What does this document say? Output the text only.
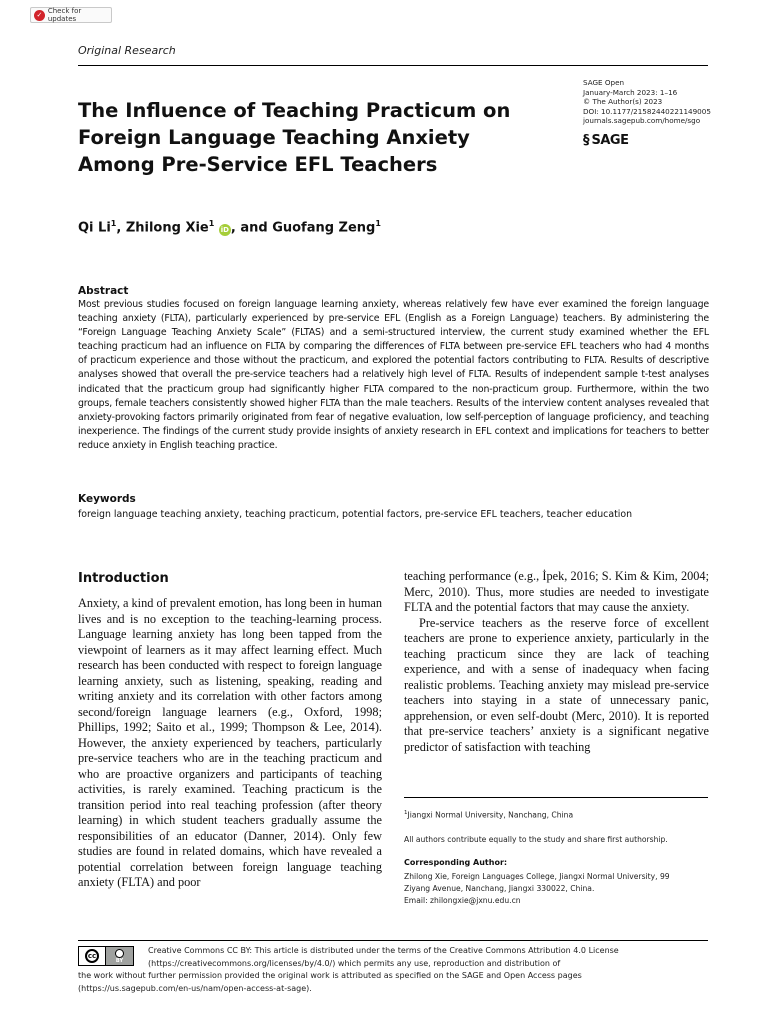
✓ Check for updates
Original Research
The Influence of Teaching Practicum on Foreign Language Teaching Anxiety Among Pre-Service EFL Teachers
SAGE Open
January-March 2023: 1–16
© The Author(s) 2023
DOI: 10.1177/21582440221149005
journals.sagepub.com/home/sgo
§ SAGE
Qi Li$^1$, Zhilong Xie$^1$ iD , and Guofang Zeng$^1$
Abstract

Most previous studies focused on foreign language learning anxiety, whereas relatively few have ever examined the foreign language teaching anxiety (FLTA), particularly experienced by pre-service EFL (English as a Foreign Language) teachers. By administering the “Foreign Language Teaching Anxiety Scale” (FLTAS) and a semi-structured interview, the current study examined whether the EFL teaching practicum had an influence on FLTA by comparing the differences of FLTA between pre-service EFL teachers who had 4 months of practicum experience and those without the practicum, and explored the potential factors contributing to FLTA. Results of descriptive analyses showed that overall the pre-service teachers had a relatively high level of FLTA. Results of independent sample t-test analyses indicated that the practicum group had significantly higher FLTA compared to the non-practicum group. Furthermore, within the two groups, female teachers consistently showed higher FLTA than the male teachers. Results of the interview content analyses revealed that anxiety-provoking factors primarily originated from fear of negative evaluation, low self-perception of language proficiency, and teaching inexperience. The findings of the current study provide insights of anxiety research in EFL context and implications for teachers to better reduce anxiety in English teaching practice.

Keywords
foreign language teaching anxiety, teaching practicum, potential factors, pre-service EFL teachers, teacher education
Introduction

Anxiety, a kind of prevalent emotion, has long been in human lives and is no exception to the teaching-learning process. Language learning anxiety has long been tapped from the viewpoint of learners as it may affect learning effect. Much research has been conducted with respect to foreign language learning anxiety, such as listening, speaking, reading and writing anxiety and its correlation with other factors among second/foreign language learners (e.g., Oxford, 1998; Phillips, 1992; Saito et al., 1999; Thompson & Lee, 2014). However, the anxiety experienced by teachers, particularly pre-service teachers who are in the teaching practicum and who are proactive organizers and participants of teaching activities, is rarely examined. Teaching practicum is the transition period into real teaching profession (after theory learning) in which student teachers gradually assume the responsibilities of an educator (Danner, 2014). Only few studies are found in related domains, which have revealed a potential correlation between foreign language teaching anxiety (FLTA) and poor

teaching performance (e.g., İpek, 2016; S. Kim & Kim, 2004; Merc, 2010). Thus, more studies are needed to investigate FLTA and the potential factors that may cause the anxiety.

Pre-service teachers as the reserve force of excellent teachers are prone to experience anxiety, particularly in the teaching practicum since they are lack of teaching experience, and with a sense of inadequacy when facing realistic problems. Teaching anxiety may mislead pre-service teachers into staying in a state of unnecessary panic, apprehension, or even self-doubt (Merc, 2010). It is reported that pre-service teachers’ anxiety is a significant negative predictor of satisfaction with teaching

$^1$Jiangxi Normal University, Nanchang, China
All authors contribute equally to the study and share first authorship.
Corresponding Author:
Zhilong Xie, Foreign Languages College, Jiangxi Normal University, 99
Ziyang Avenue, Nanchang, Jiangxi 330022, China.
Email: zhilongxie@jxnu.edu.cn

Creative Commons CC BY: This article is distributed under the terms of the Creative Commons Attribution 4.0 License
(https://creativecommons.org/licenses/by/4.0/) which permits any use, reproduction and distribution of
the work without further permission provided the original work is attributed as specified on the SAGE and Open Access pages
(https://us.sagepub.com/en-us/nam/open-access-at-sage).

cc
BY
